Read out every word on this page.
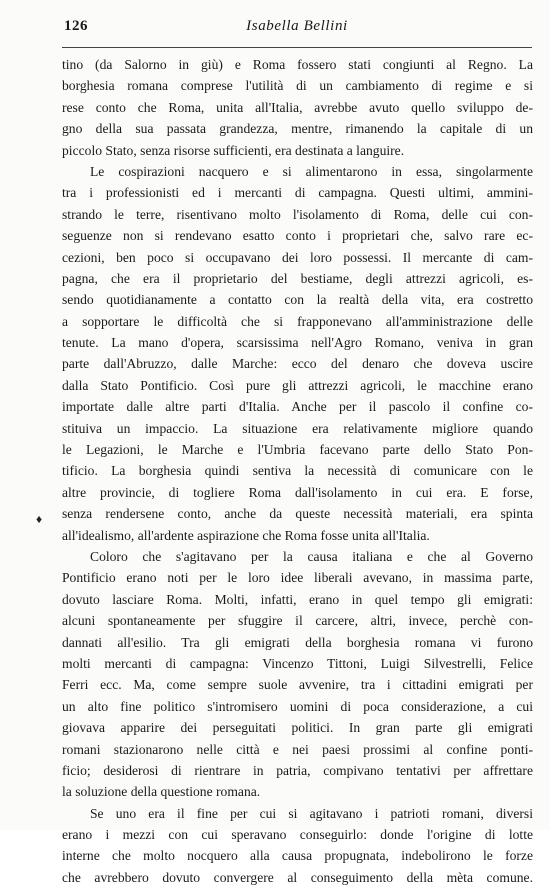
126	Isabella Bellini
♦
tino (da Salorno in giù) e Roma fossero stati congiunti al Regno. La
borghesia romana comprese l'utilità di un cambiamento di regime e si
rese conto che Roma, unita all'Italia, avrebbe avuto quello sviluppo de-
gno della sua passata grandezza, mentre, rimanendo la capitale di un
piccolo Stato, senza risorse sufficienti, era destinata a languire.
Le cospirazioni nacquero e si alimentarono in essa, singolarmente
tra i professionisti ed i mercanti di campagna. Questi ultimi, ammini-
strando le terre, risentivano molto l'isolamento di Roma, delle cui con-
seguenze non si rendevano esatto conto i proprietari che, salvo rare ec-
cezioni, ben poco si occupavano dei loro possessi. Il mercante di cam-
pagna, che era il proprietario del bestiame, degli attrezzi agricoli, es-
sendo quotidianamente a contatto con la realtà della vita, era costretto
a sopportare le difficoltà che si frapponevano all'amministrazione delle
tenute. La mano d'opera, scarsissima nell'Agro Romano, veniva in gran
parte dall'Abruzzo, dalle Marche: ecco del denaro che doveva uscire
dalla Stato Pontificio. Così pure gli attrezzi agricoli, le macchine erano
importate dalle altre parti d'Italia. Anche per il pascolo il confine co-
stituiva un impaccio. La situazione era relativamente migliore quando
le Legazioni, le Marche e l'Umbria facevano parte dello Stato Pon-
tificio. La borghesia quindi sentiva la necessità di comunicare con le
altre provincie, di togliere Roma dall'isolamento in cui era. E forse,
senza rendersene conto, anche da queste necessità materiali, era spinta
all'idealismo, all'ardente aspirazione che Roma fosse unita all'Italia.
Coloro che s'agitavano per la causa italiana e che al Governo
Pontificio erano noti per le loro idee liberali avevano, in massima parte,
dovuto lasciare Roma. Molti, infatti, erano in quel tempo gli emigrati:
alcuni spontaneamente per sfuggire il carcere, altri, invece, perchè con-
dannati all'esilio. Tra gli emigrati della borghesia romana vi furono
molti mercanti di campagna: Vincenzo Tittoni, Luigi Silvestrelli, Felice
Ferri ecc. Ma, come sempre suole avvenire, tra i cittadini emigrati per
un alto fine politico s'intromisero uomini di poca considerazione, a cui
giovava apparire dei perseguitati politici. In gran parte gli emigrati
romani stazionarono nelle città e nei paesi prossimi al confine ponti-
ficio; desiderosi di rientrare in patria, compivano tentativi per affrettare
la soluzione della questione romana.
Se uno era il fine per cui si agitavano i patrioti romani, diversi
erano i mezzi con cui speravano conseguirlo: donde l'origine di lotte
interne che molto nocquero alla causa propugnata, indebolirono le forze
che avrebbero dovuto convergere al conseguimento della mèta comune.
